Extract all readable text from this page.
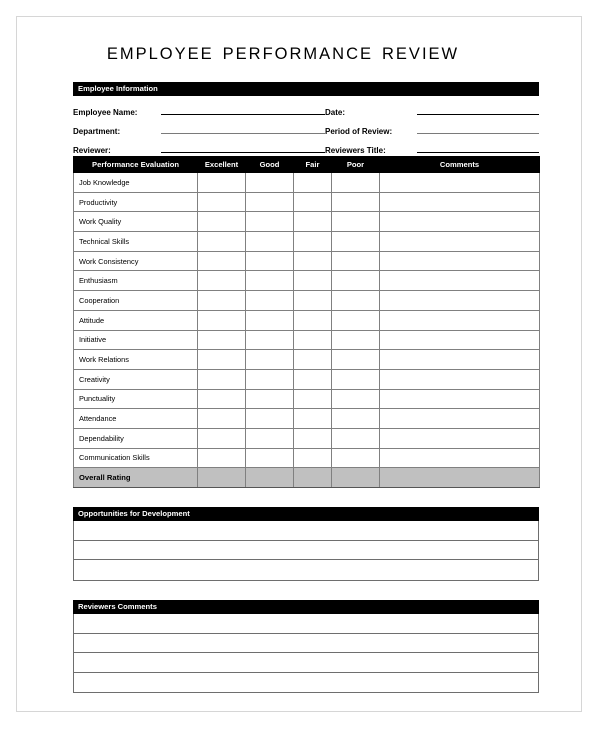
EMPLOYEE PERFORMANCE REVIEW
Employee Information
Employee Name:	Date:
Department:	Period of Review:
Reviewer:	Reviewers Title:
Performance Evaluation	Excellent	Good	Fair	Poor	Comments
Job Knowledge					
Productivity					
Work Quality					
Technical Skills					
Work Consistency					
Enthusiasm					
Cooperation					
Attitude					
Initiative					
Work Relations					
Creativity					
Punctuality					
Attendance					
Dependability					
Communication Skills					
Overall Rating					
Opportunities for Development
Reviewers Comments
